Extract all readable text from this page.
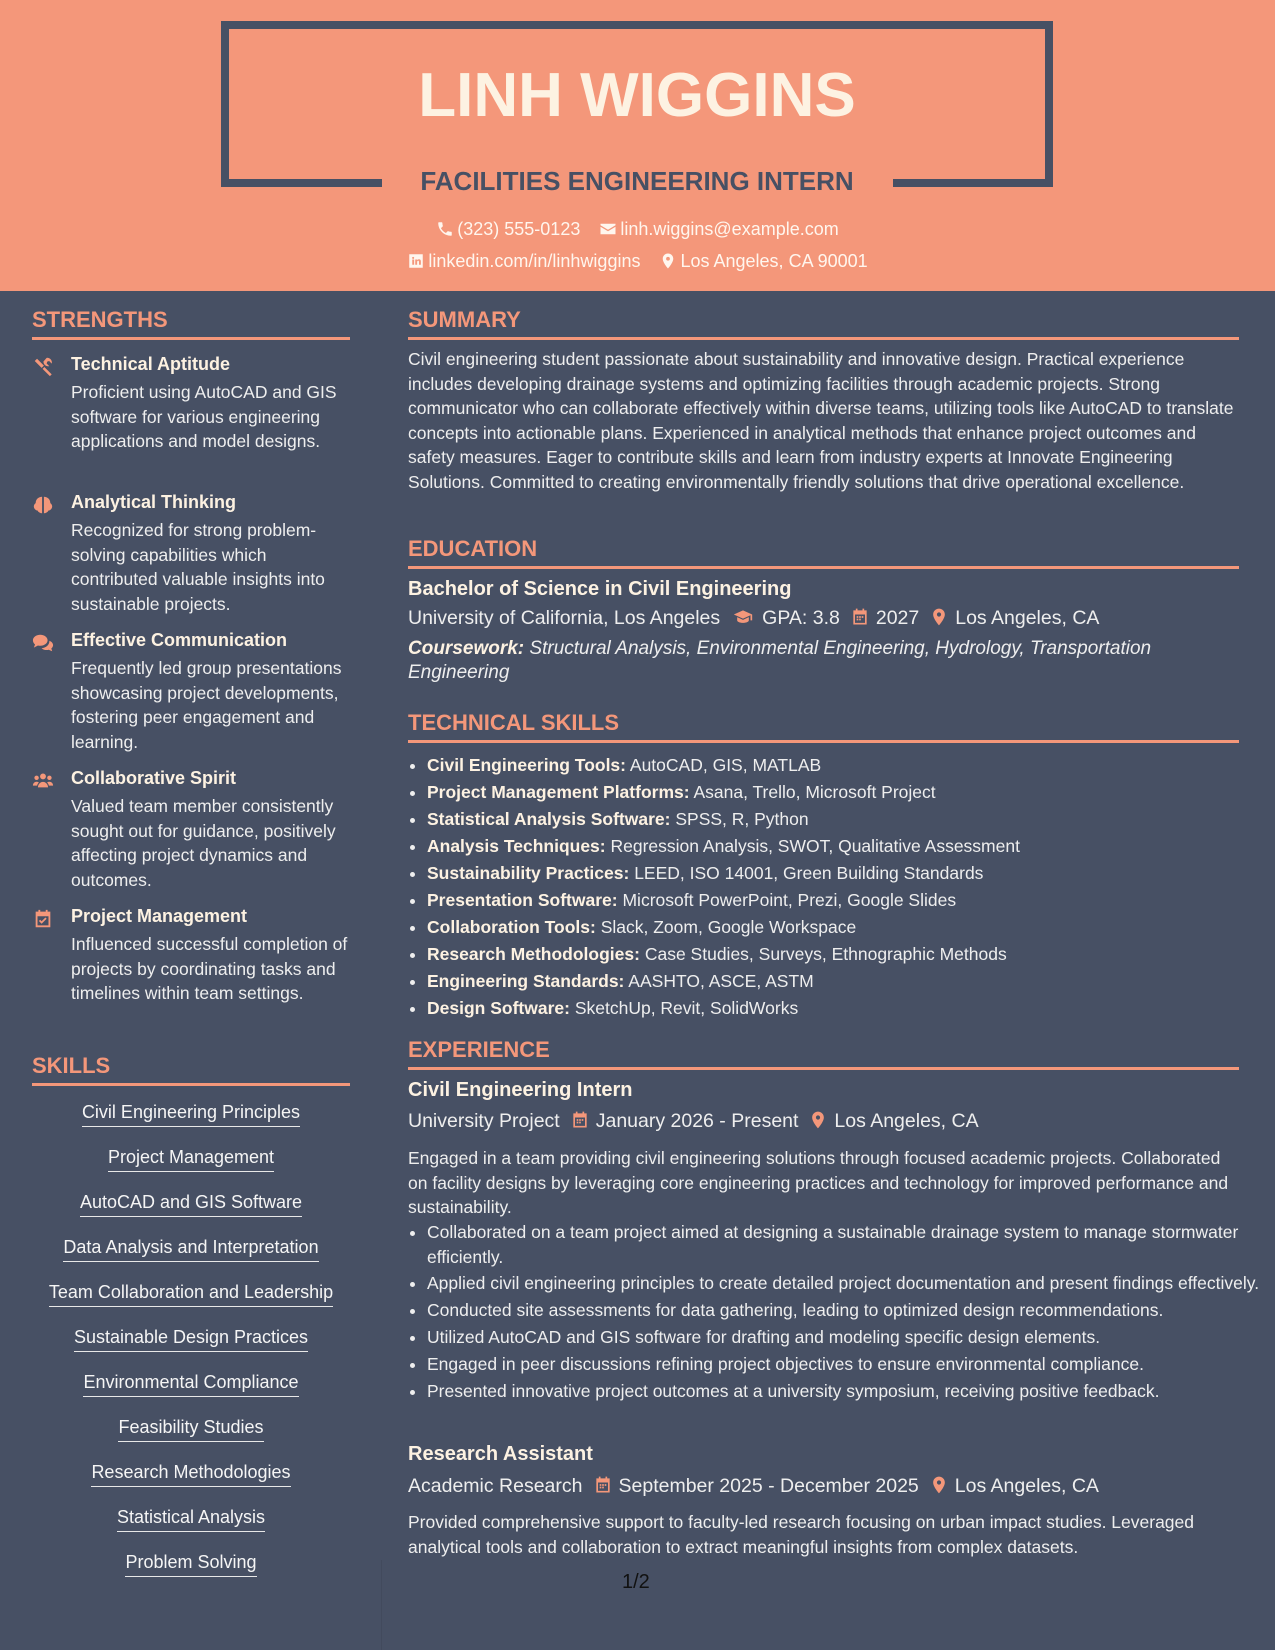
LINH WIGGINS
FACILITIES ENGINEERING INTERN
(323) 555-0123 linh.wiggins@example.com
linkedin.com/in/linhwiggins Los Angeles, CA 90001
STRENGTHS
Technical Aptitude
Proficient using AutoCAD and GIS software for various engineering applications and model designs.
Analytical Thinking
Recognized for strong problem-solving capabilities which contributed valuable insights into sustainable projects.
Effective Communication
Frequently led group presentations showcasing project developments, fostering peer engagement and learning.
Collaborative Spirit
Valued team member consistently sought out for guidance, positively affecting project dynamics and outcomes.
Project Management
Influenced successful completion of projects by coordinating tasks and timelines within team settings.
SKILLS
Civil Engineering Principles
Project Management
AutoCAD and GIS Software
Data Analysis and Interpretation
Team Collaboration and Leadership
Sustainable Design Practices
Environmental Compliance
Feasibility Studies
Research Methodologies
Statistical Analysis
Problem Solving
SUMMARY
Civil engineering student passionate about sustainability and innovative design. Practical experience includes developing drainage systems and optimizing facilities through academic projects. Strong communicator who can collaborate effectively within diverse teams, utilizing tools like AutoCAD to translate concepts into actionable plans. Experienced in analytical methods that enhance project outcomes and safety measures. Eager to contribute skills and learn from industry experts at Innovate Engineering Solutions. Committed to creating environmentally friendly solutions that drive operational excellence.
EDUCATION
Bachelor of Science in Civil Engineering
University of California, Los Angeles GPA: 3.8 2027 Los Angeles, CA
Coursework: Structural Analysis, Environmental Engineering, Hydrology, Transportation Engineering
TECHNICAL SKILLS
• Civil Engineering Tools: AutoCAD, GIS, MATLAB
• Project Management Platforms: Asana, Trello, Microsoft Project
• Statistical Analysis Software: SPSS, R, Python
• Analysis Techniques: Regression Analysis, SWOT, Qualitative Assessment
• Sustainability Practices: LEED, ISO 14001, Green Building Standards
• Presentation Software: Microsoft PowerPoint, Prezi, Google Slides
• Collaboration Tools: Slack, Zoom, Google Workspace
• Research Methodologies: Case Studies, Surveys, Ethnographic Methods
• Engineering Standards: AASHTO, ASCE, ASTM
• Design Software: SketchUp, Revit, SolidWorks
EXPERIENCE
Civil Engineering Intern
University Project January 2026 - Present Los Angeles, CA
Engaged in a team providing civil engineering solutions through focused academic projects. Collaborated on facility designs by leveraging core engineering practices and technology for improved performance and sustainability.
• Collaborated on a team project aimed at designing a sustainable drainage system to manage stormwater efficiently.
• Applied civil engineering principles to create detailed project documentation and present findings effectively.
• Conducted site assessments for data gathering, leading to optimized design recommendations.
• Utilized AutoCAD and GIS software for drafting and modeling specific design elements.
• Engaged in peer discussions refining project objectives to ensure environmental compliance.
• Presented innovative project outcomes at a university symposium, receiving positive feedback.
Research Assistant
Academic Research September 2025 - December 2025 Los Angeles, CA
Provided comprehensive support to faculty-led research focusing on urban impact studies. Leveraged analytical tools and collaboration to extract meaningful insights from complex datasets.
1/2
